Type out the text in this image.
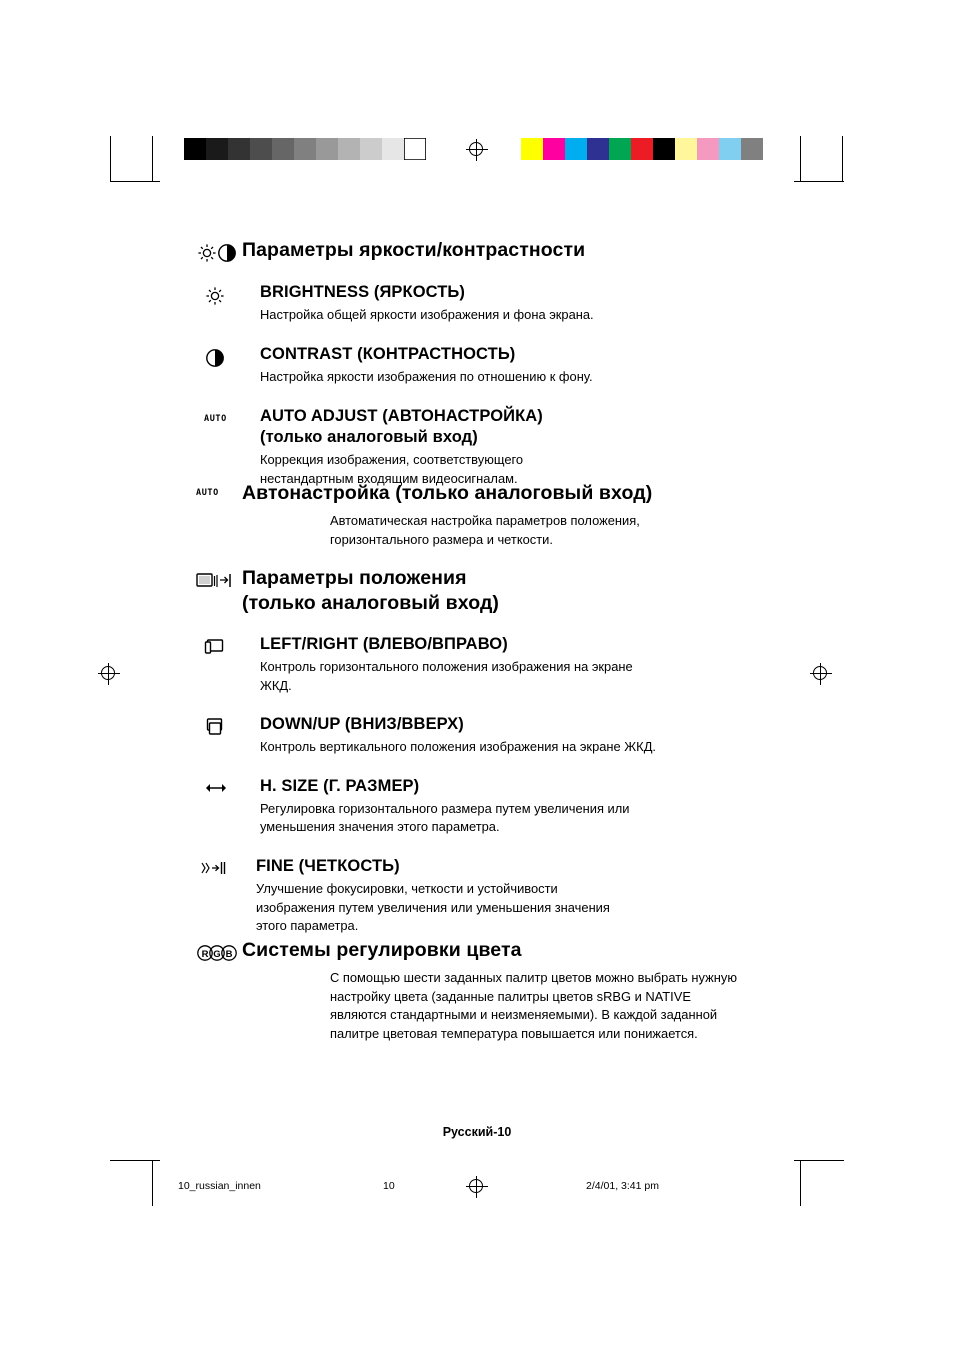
Параметры яркости/контрастности
BRIGHTNESS (ЯРКОСТЬ)
Настройка общей яркости изображения и фона экрана.
CONTRAST (КОНТРАСТНОСТЬ)
Настройка яркости изображения по отношению к фону.
AUTO AUTO ADJUST (АВТОНАСТРОЙКА)
(только аналоговый вход)
Коррекция изображения, соответствующего нестандартным входящим видеосигналам.
AUTO Автонастройка (только аналоговый вход)
Автоматическая настройка параметров положения, горизонтального размера и четкости.
Параметры положения
(только аналоговый вход)
LEFT/RIGHT (ВЛЕВО/ВПРАВО)
Контроль горизонтального положения изображения на экране ЖКД.
DOWN/UP (ВНИЗ/ВВЕРХ)
Контроль вертикального положения изображения на экране ЖКД.
H. SIZE (Г. РАЗМЕР)
Регулировка горизонтального размера путем увеличения или уменьшения значения этого параметра.
FINE (ЧЕТКОСТЬ)
Улучшение фокусировки, четкости и устойчивости изображения путем увеличения или уменьшения значения этого параметра.
R G B Системы регулировки цвета
С помощью шести заданных палитр цветов можно выбрать нужную настройку цвета (заданные палитры цветов sRBG и NATIVE являются стандартными и неизменяемыми). В каждой заданной палитре цветовая температура повышается или понижается.
Русский-10
10_russian_innen	10	2/4/01, 3:41 pm
